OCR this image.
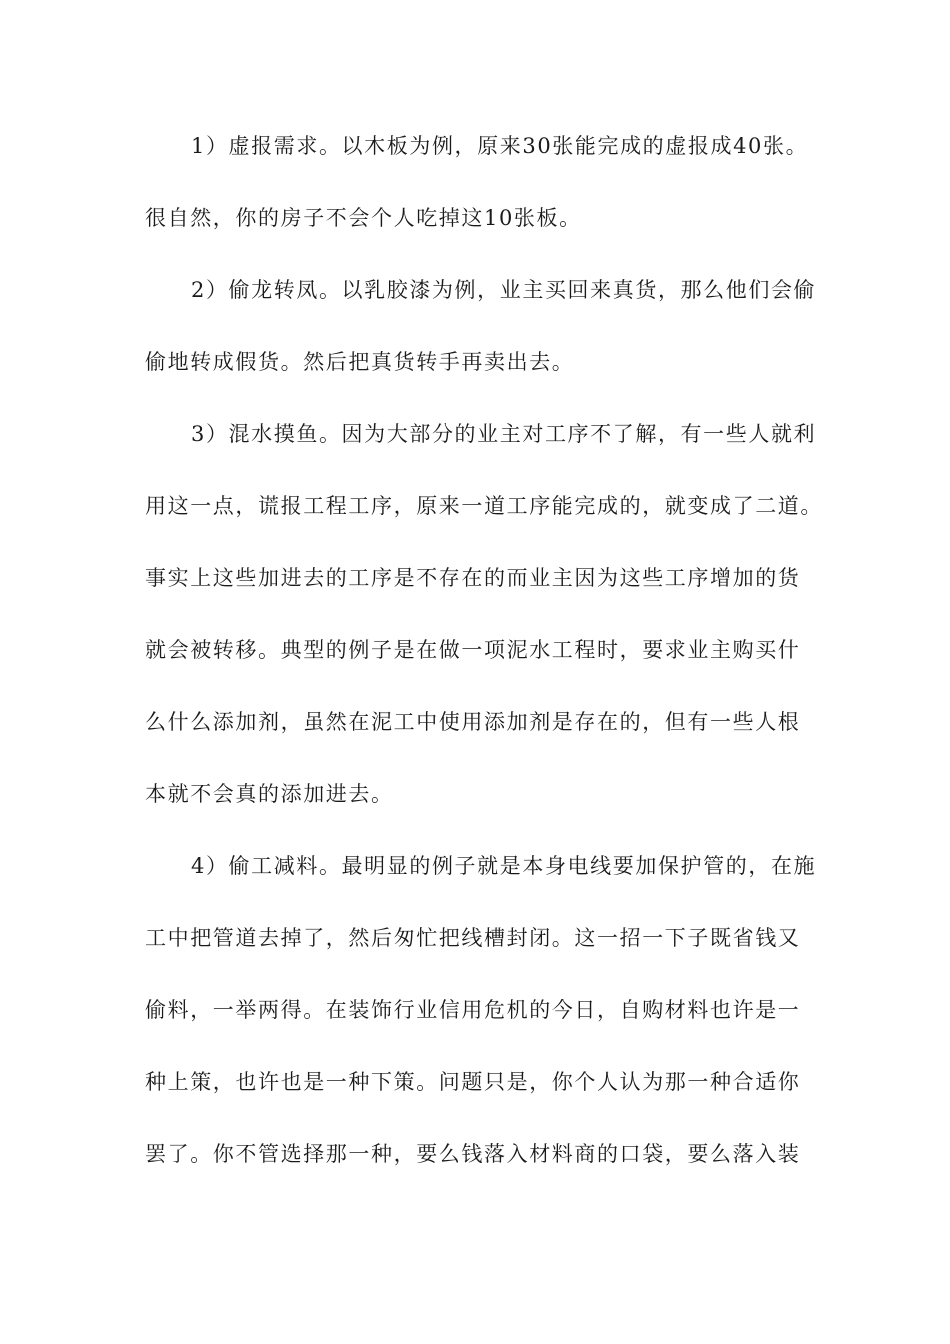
1）虚报需求。以木板为例，原来30张能完成的虚报成40张。
很自然，你的房子不会个人吃掉这10张板。
2）偷龙转凤。以乳胶漆为例，业主买回来真货，那么他们会偷
偷地转成假货。然后把真货转手再卖出去。
3）混水摸鱼。因为大部分的业主对工序不了解，有一些人就利
用这一点，谎报工程工序，原来一道工序能完成的，就变成了二道。
事实上这些加进去的工序是不存在的而业主因为这些工序增加的货
就会被转移。典型的例子是在做一项泥水工程时，要求业主购买什
么什么添加剂，虽然在泥工中使用添加剂是存在的，但有一些人根
本就不会真的添加进去。
4）偷工减料。最明显的例子就是本身电线要加保护管的，在施
工中把管道去掉了，然后匆忙把线槽封闭。这一招一下子既省钱又
偷料，一举两得。在装饰行业信用危机的今日，自购材料也许是一
种上策，也许也是一种下策。问题只是，你个人认为那一种合适你
罢了。你不管选择那一种，要么钱落入材料商的口袋，要么落入装
